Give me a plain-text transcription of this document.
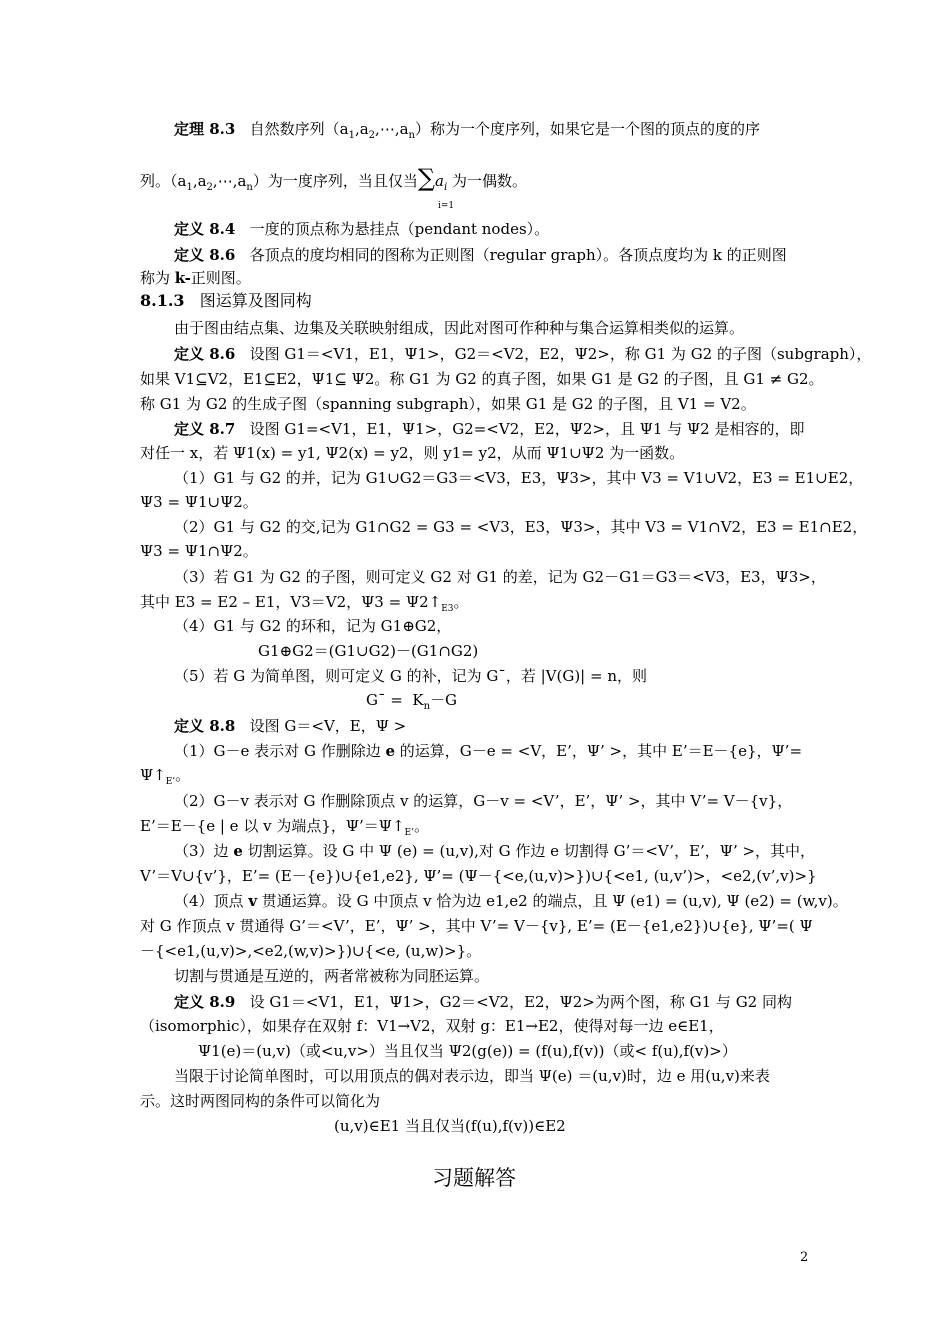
定理 8.3   自然数序列$(a_1,a_2,\cdots,a_n)$称为一个度序列，如果它是一个图的顶点的度的序
列。$(a_1,a_2,\cdots,a_n)$为一度序列，当且仅当$\sum a_i$ 为一偶数。
i=1
定义 8.4   一度的顶点称为悬挂点（pendant nodes）。
定义 8.6   各顶点的度均相同的图称为正则图（regular graph）。各顶点度均为 k 的正则图
称为 k-正则图。
8.1.3   图运算及图同构
由于图由结点集、边集及关联映射组成，因此对图可作种种与集合运算相类似的运算。
定义 8.6   设图 G1＝<V1，E1，Ψ1>，G2＝<V2，E2，Ψ2>，称 G1 为 G2 的子图（subgraph），
如果 V1⊆V2，E1⊆E2，Ψ1⊆ Ψ2。称 G1 为 G2 的真子图，如果 G1 是 G2 的子图，且 G1 ≠ G2。
称 G1 为 G2 的生成子图（spanning subgraph），如果 G1 是 G2 的子图，且 V1 = V2。
定义 8.7   设图 G1=<V1，E1，Ψ1>，G2=<V2，E2，Ψ2>，且 Ψ1 与 Ψ2 是相容的，即
对任一 x，若 Ψ1(x) = y1, Ψ2(x) = y2，则 y1= y2，从而 Ψ1∪Ψ2 为一函数。
（1）G1 与 G2 的并，记为 G1∪G2＝G3＝<V3，E3，Ψ3>，其中 V3 = V1∪V2，E3 = E1∪E2，
Ψ3 = Ψ1∪Ψ2。
（2）G1 与 G2 的交,记为 G1∩G2 = G3 = <V3，E3，Ψ3>，其中 V3 = V1∩V2，E3 = E1∩E2，
Ψ3 = Ψ1∩Ψ2。
（3）若 G1 为 G2 的子图，则可定义 G2 对 G1 的差，记为 G2－G1＝G3＝<V3，E3，Ψ3>，
其中 E3 = E2 – E1，V3＝V2，$\Psi 3 = \Psi 2↑_{E3}$。
（4）G1 与 G2 的环和，记为 G1⊕G2，
G1⊕G2＝(G1∪G2)－(G1∩G2)
（5）若 G 为简单图，则可定义 G 的补，记为 G¯，若 |V(G)| = n，则
G¯ =  $K_n-G$
定义 8.8   设图 G＝<V，E，Ψ >
（1）G－e 表示对 G 作删除边 e 的运算，G－e = <V，E’，Ψ’ >，其中 E’＝E－{e}，Ψ’=
$\Psi↑_{E’}$。
（2）G－v 表示对 G 作删除顶点 v 的运算，G－v = <V’，E’，Ψ’ >，其中 V’= V－{v}，
E’＝E－{e | e 以 v 为端点}，$\Psi’=\Psi↑_{E’}$。
（3）边 e 切割运算。设 G 中 Ψ (e) = (u,v),对 G 作边 e 切割得 G’＝<V’，E’，Ψ’ >，其中，
V’＝V∪{v’}，E’= (E－{e})∪{e1,e2}, Ψ’= (Ψ－{<e,(u,v)>})∪{<e1, (u,v’)>，<e2,(v’,v)>}
（4）顶点 v 贯通运算。设 G 中顶点 v 恰为边 e1,e2 的端点，且 Ψ (e1) = (u,v), Ψ (e2) = (w,v)。
对 G 作顶点 v 贯通得 G’＝<V’，E’，Ψ’ >，其中 V’= V－{v}, E’= (E－{e1,e2})∪{e}, Ψ’=( Ψ
－{<e1,(u,v)>,<e2,(w,v)>})∪{<e, (u,w)>}。
切割与贯通是互逆的，两者常被称为同胚运算。
定义 8.9   设 G1＝<V1，E1，Ψ1>，G2＝<V2，E2，Ψ2>为两个图，称 G1 与 G2 同构
（isomorphic），如果存在双射 f：V1→V2，双射 g：E1→E2，使得对每一边 e∈E1，
Ψ1(e)＝(u,v)（或<u,v>）当且仅当 Ψ2(g(e)) = (f(u),f(v))（或< f(u),f(v)>）
当限于讨论简单图时，可以用顶点的偶对表示边，即当 Ψ(e) ＝(u,v)时，边 e 用(u,v)来表
示。这时两图同构的条件可以简化为
(u,v)∈E1 当且仅当(f(u),f(v))∈E2
习题解答
2
